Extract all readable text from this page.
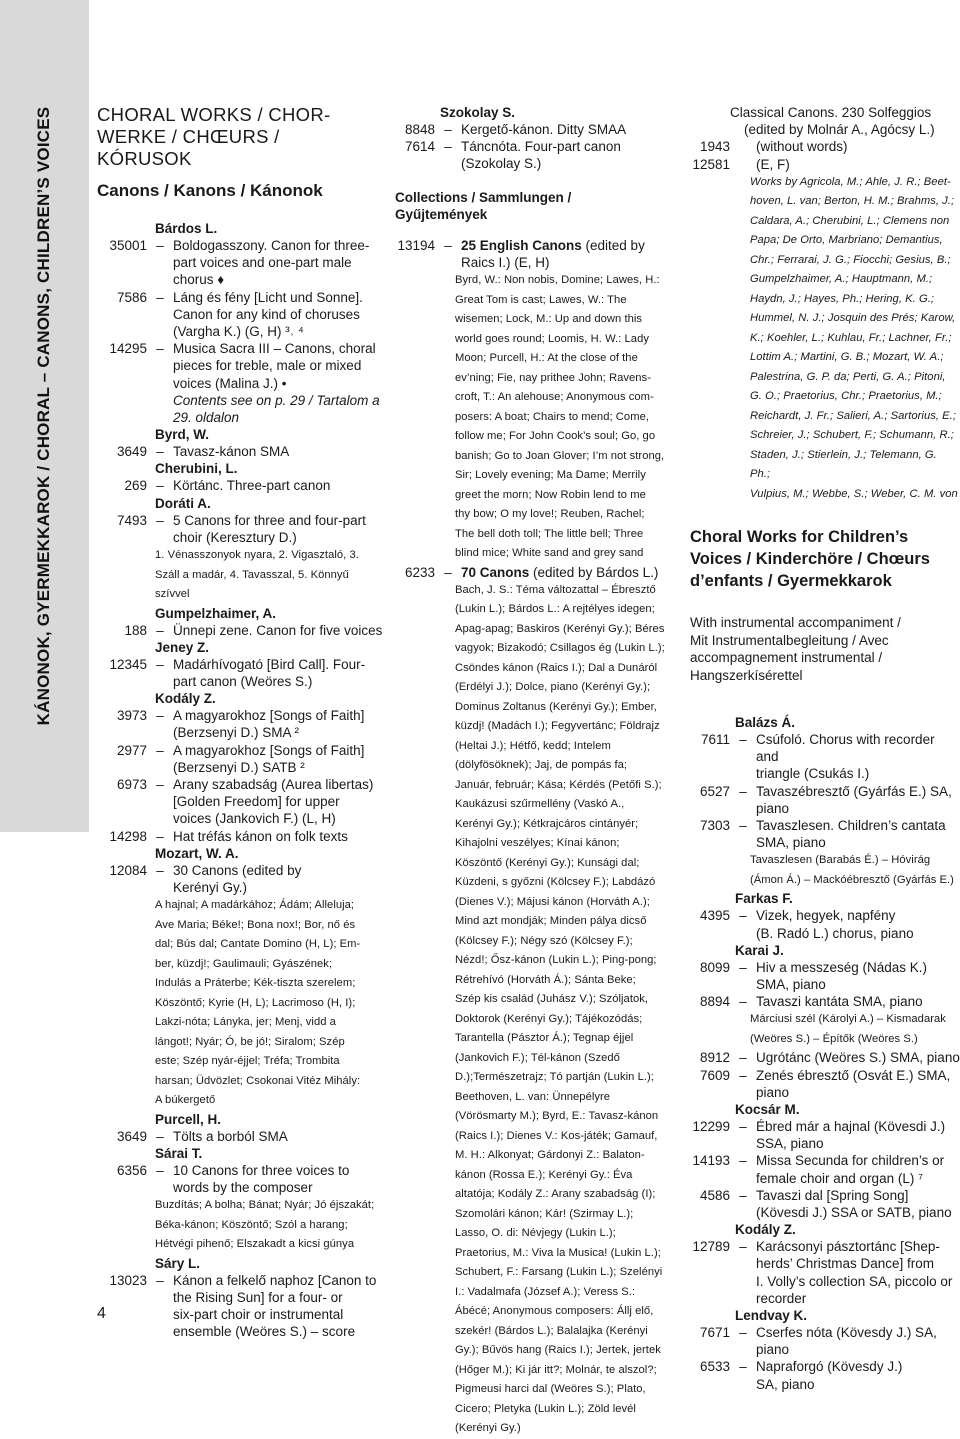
KÁNONOK, GYERMEKKAROK / CHORAL – CANONS, CHILDREN’S VOICES CHORAL WORKS / CHOR-
WERKE / CHŒURS /
KÓRUSOK
Canons / Kanons / Kánonok
Bárdos L.
35001 – Boldogasszony. Canon for three-
part voices and one-part male
chorus ♦
7586 – Láng és fény [Licht und Sonne].
Canon for any kind of choruses
(Vargha K.) (G, H) ³˒ ⁴
14295 – Musica Sacra III – Canons, choral
pieces for treble, male or mixed
voices (Malina J.) •
Contents see on p. 29 / Tartalom a
29. oldalon
Byrd, W.
3649 – Tavasz-kánon SMA
Cherubini, L.
269 – Körtánc. Three-part canon
Doráti A.
7493 – 5 Canons for three and four-part
choir (Keresztury D.)
1. Vénasszonyok nyara, 2. Vigasztaló, 3.
Száll a madár, 4. Tavasszal, 5. Könnyű
szívvel
Gumpelzhaimer, A.
188 – Ünnepi zene. Canon for five voices
Jeney Z.
12345 – Madárhívogató [Bird Call]. Four-
part canon (Weöres S.)
Kodály Z.
3973 – A magyarokhoz [Songs of Faith]
(Berzsenyi D.) SMA ²
2977 – A magyarokhoz [Songs of Faith]
(Berzsenyi D.) SATB ²
6973 – Arany szabadság (Aurea libertas)
[Golden Freedom] for upper
voices (Jankovich F.) (L, H)
14298 – Hat tréfás kánon on folk texts
Mozart, W. A.
12084 – 30 Canons (edited by
Kerényi Gy.)
A hajnal; A madárkához; Ádám; Alleluja;
Ave Maria; Béke!; Bona nox!; Bor, nő és
dal; Bús dal; Cantate Domino (H, L); Em-
ber, küzdj!; Gaulimauli; Gyászének;
Indulás a Práterbe; Kék-tiszta szerelem;
Köszöntő; Kyrie (H, L); Lacrimoso (H, I);
Lakzi-nóta; Lányka, jer; Menj, vidd a
lángot!; Nyár; Ó, be jó!; Siralom; Szép
este; Szép nyár-éjjel; Tréfa; Trombita
harsan; Üdvözlet; Csokonai Vitéz Mihály:
A búkergető
Purcell, H.
3649 – Tölts a borból SMA
Sárai T.
6356 – 10 Canons for three voices to
words by the composer
Buzdítás; A bolha; Bánat; Nyár; Jó éjszakát;
Béka-kánon; Köszöntő; Szól a harang;
Hétvégi pihenő; Elszakadt a kicsi gúnya
Sáry L.
13023 – Kánon a felkelő naphoz [Canon to
the Rising Sun] for a four- or
six-part choir or instrumental
ensemble (Weöres S.) – score
Szokolay S.
8848 – Kergető-kánon. Ditty SMAA
7614 – Táncnóta. Four-part canon
(Szokolay S.)
Collections / Sammlungen /
Gyűjtemények
13194 – 25 English Canons (edited by
Raics I.) (E, H)
Byrd, W.: Non nobis, Domine; Lawes, H.:
Great Tom is cast; Lawes, W.: The
wisemen; Lock, M.: Up and down this
world goes round; Loomis, H. W.: Lady
Moon; Purcell, H.: At the close of the
ev’ning; Fie, nay prithee John; Ravens-
croft, T.: An alehouse; Anonymous com-
posers: A boat; Chairs to mend; Come,
follow me; For John Cook’s soul; Go, go
banish; Go to Joan Glover; I’m not strong,
Sir; Lovely evening; Ma Dame; Merrily
greet the morn; Now Robin lend to me
thy bow; O my love!; Reuben, Rachel;
The bell doth toll; The little bell; Three
blind mice; White sand and grey sand
6233 – 70 Canons (edited by Bárdos L.)
Bach, J. S.: Téma változattal – Ébresztő
(Lukin L.); Bárdos L.: A rejtélyes idegen;
Apag-apag; Baskiros (Kerényi Gy.); Béres
vagyok; Bizakodó; Csillagos ég (Lukin L.);
Csöndes kánon (Raics I.); Dal a Dunáról
(Erdélyi J.); Dolce, piano (Kerényi Gy.);
Dominus Zoltanus (Kerényi Gy.); Ember,
küzdj! (Madách I.); Fegyvertánc; Földrajz
(Heltai J.); Hétfő, kedd; Intelem
(dölyfösöknek); Jaj, de pompás fa;
Január, február; Kása; Kérdés (Petőfi S.);
Kaukázusi szűrmellény (Vaskó A.,
Kerényi Gy.); Kétkrajcáros cintányér;
Kihajolni veszélyes; Kínai kánon;
Köszöntő (Kerényi Gy.); Kunsági dal;
Küzdeni, s győzni (Kölcsey F.); Labdázó
(Dienes V.); Májusi kánon (Horváth A.);
Mind azt mondják; Minden pálya dicső
(Kölcsey F.); Négy szó (Kölcsey F.);
Nézd!; Ősz-kánon (Lukin L.); Ping-pong;
Rétrehívó (Horváth Á.); Sánta Beke;
Szép kis család (Juhász V.); Szóljatok,
Doktorok (Kerényi Gy.); Tájékozódás;
Tarantella (Pásztor Á.); Tegnap éjjel
(Jankovich F.); Tél-kánon (Szedő
D.);Természetrajz; Tó partján (Lukin L.);
Beethoven, L. van: Ünnepélyre
(Vörösmarty M.); Byrd, E.: Tavasz-kánon
(Raics I.); Dienes V.: Kos-játék; Gamauf,
M. H.: Alkonyat; Gárdonyi Z.: Balaton-
kánon (Rossa E.); Kerényi Gy.: Éva
altatója; Kodály Z.: Arany szabadság (I);
Szomolári kánon; Kár! (Szirmay L.);
Lasso, O. di: Névjegy (Lukin L.);
Praetorius, M.: Viva la Musica! (Lukin L.);
Schubert, F.: Farsang (Lukin L.); Szelényi
I.: Vadalmafa (József A.); Veress S.:
Ábécé; Anonymous composers: Állj elő,
szekér! (Bárdos L.); Balalajka (Kerényi
Gy.); Bűvös hang (Raics I.); Jertek, jertek
(Hőger M.); Ki jár itt?; Molnár, te alszol?;
Pigmeusi harci dal (Weöres S.); Plato,
Cicero; Pletyka (Lukin L.); Zöld levél
(Kerényi Gy.)
Classical Canons. 230 Solfeggios
(edited by Molnár A., Agócsy L.)
1943 (without words)
12581 (E, F)
Works by Agricola, M.; Ahle, J. R.; Beet-
hoven, L. van; Berton, H. M.; Brahms, J.;
Caldara, A.; Cherubini, L.; Clemens non
Papa; De Orto, Marbriano; Demantius,
Chr.; Ferrarai, J. G.; Fiocchi; Gesius, B.;
Gumpelzhaimer, A.; Hauptmann, M.;
Haydn, J.; Hayes, Ph.; Hering, K. G.;
Hummel, N. J.; Josquin des Prés; Karow,
K.; Koehler, L.; Kuhlau, Fr.; Lachner, Fr.;
Lottim A.; Martini, G. B.; Mozart, W. A.;
Palestrina, G. P. da; Perti, G. A.; Pitoni,
G. O.; Praetorius, Chr.; Praetorius, M.;
Reichardt, J. Fr.; Salieri, A.; Sartorius, E.;
Schreier, J.; Schubert, F.; Schumann, R.;
Staden, J.; Stierlein, J.; Telemann, G. Ph.;
Vulpius, M.; Webbe, S.; Weber, C. M. von
Choral Works for Children’s
Voices / Kinderchöre / Chœurs
d’enfants / Gyermekkarok
With instrumental accompaniment /
Mit Instrumentalbegleitung / Avec
accompagnement instrumental /
Hangszerkísérettel
Balázs Á.
7611 – Csúfoló. Chorus with recorder and
triangle (Csukás I.)
6527 – Tavaszébresztő (Gyárfás E.) SA,
piano
7303 – Tavaszlesen. Children’s cantata
SMA, piano
Tavaszlesen (Barabás É.) – Hóvirág
(Ámon Á.) – Mackóébresztő (Gyárfás E.)
Farkas F.
4395 – Vizek, hegyek, napfény
(B. Radó L.) chorus, piano
Karai J.
8099 – Hiv a messzeség (Nádas K.)
SMA, piano
8894 – Tavaszi kantáta SMA, piano
Márciusi szél (Károlyi A.) – Kismadarak
(Weöres S.) – Építők (Weöres S.)
8912 – Ugrótánc (Weöres S.) SMA, piano
7609 – Zenés ébresztő (Osvát E.) SMA,
piano
Kocsár M.
12299 – Ébred már a hajnal (Kövesdi J.)
SSA, piano
14193 – Missa Secunda for children’s or
female choir and organ (L) ⁷
4586 – Tavaszi dal [Spring Song]
(Kövesdi J.) SSA or SATB, piano
Kodály Z.
12789 – Karácsonyi pásztortánc [Shep-
herds’ Christmas Dance] from
I. Volly’s collection SA, piccolo or
recorder
Lendvay K.
7671 – Cserfes nóta (Kövesdy J.) SA,
piano
6533 – Napraforgó (Kövesdy J.)
SA, piano
4
